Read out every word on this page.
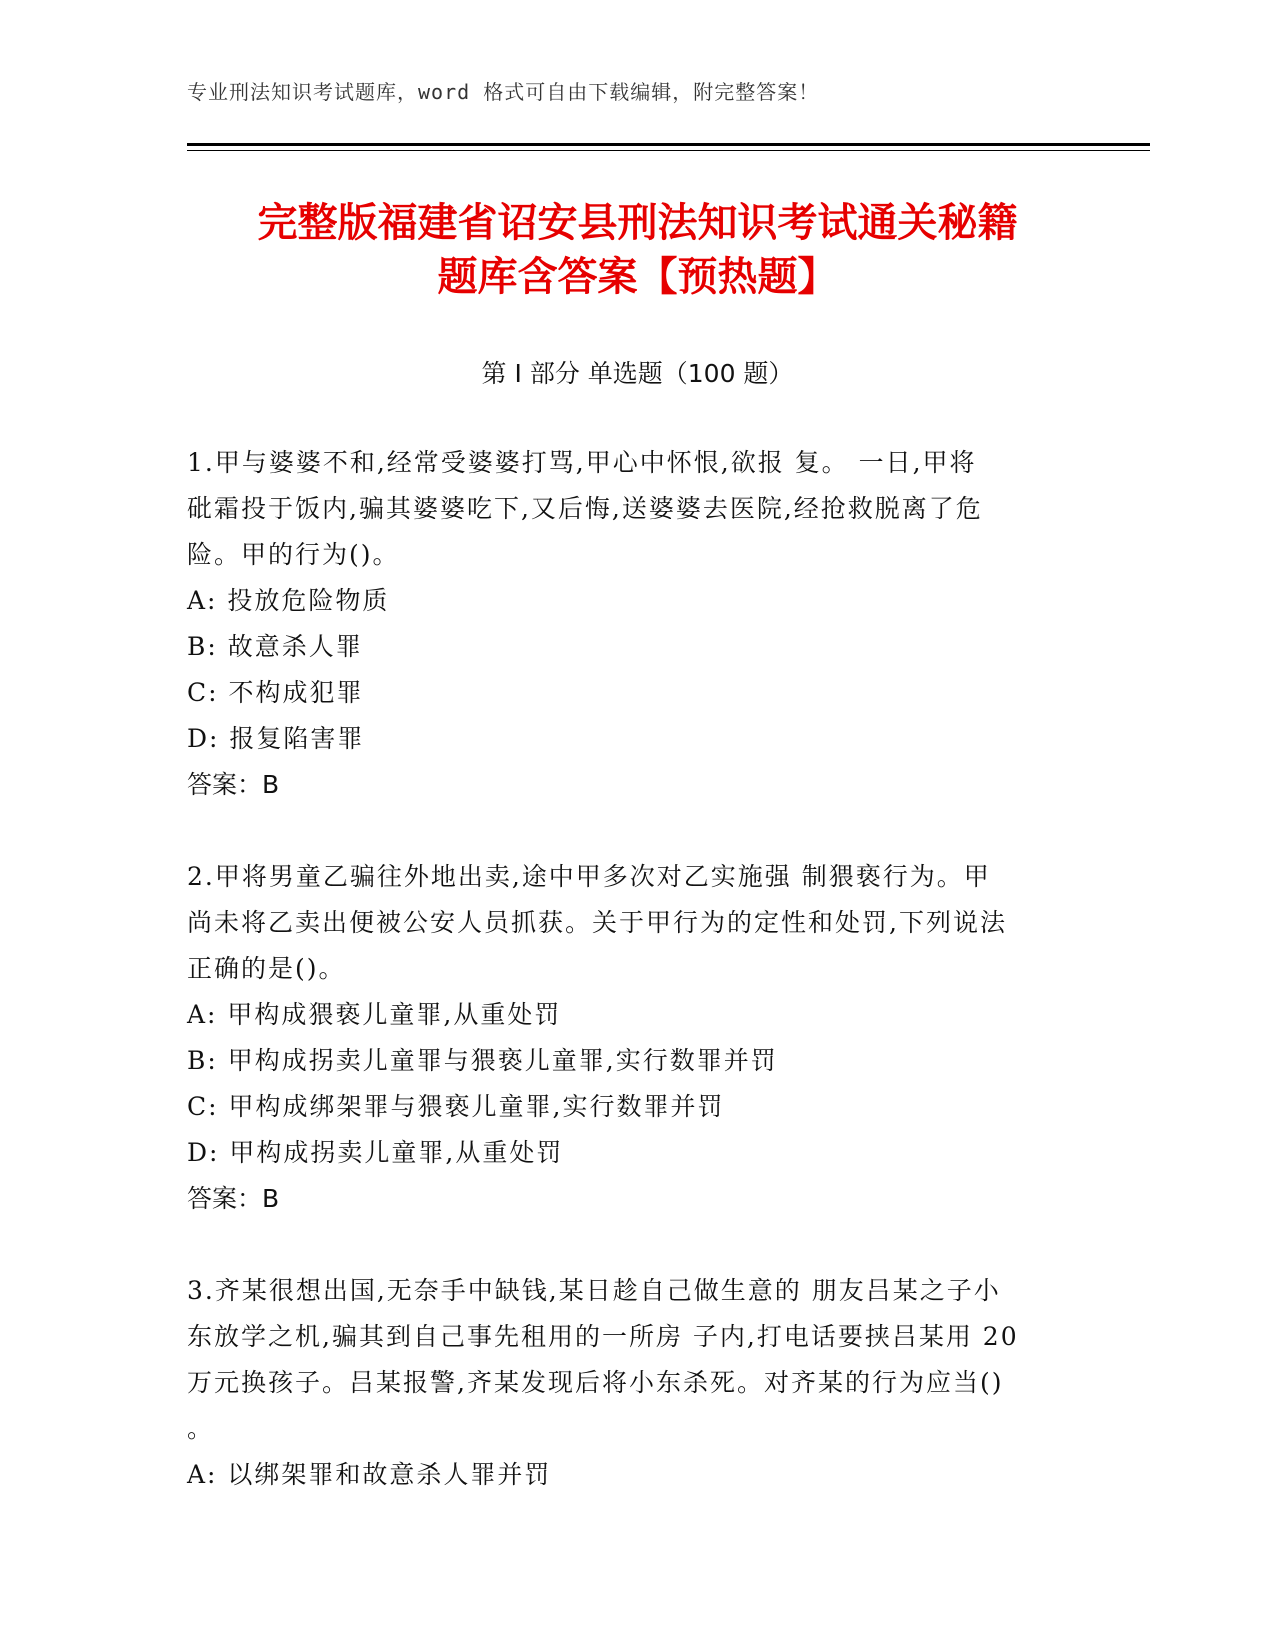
专业刑法知识考试题库，word 格式可自由下载编辑，附完整答案！
完整版福建省诏安县刑法知识考试通关秘籍
题库含答案【预热题】
第 I 部分 单选题（100 题）
1.甲与婆婆不和,经常受婆婆打骂,甲心中怀恨,欲报 复。 一日,甲将
砒霜投于饭内,骗其婆婆吃下,又后悔,送婆婆去医院,经抢救脱离了危
险。甲的行为()。
A: 投放危险物质
B: 故意杀人罪
C: 不构成犯罪
D: 报复陷害罪
答案：B
2.甲将男童乙骗往外地出卖,途中甲多次对乙实施强 制猥亵行为。甲
尚未将乙卖出便被公安人员抓获。关于甲行为的定性和处罚,下列说法
正确的是()。
A: 甲构成猥亵儿童罪,从重处罚
B: 甲构成拐卖儿童罪与猥亵儿童罪,实行数罪并罚
C: 甲构成绑架罪与猥亵儿童罪,实行数罪并罚
D: 甲构成拐卖儿童罪,从重处罚
答案：B
3.齐某很想出国,无奈手中缺钱,某日趁自己做生意的 朋友吕某之子小
东放学之机,骗其到自己事先租用的一所房 子内,打电话要挟吕某用 20
万元换孩子。吕某报警,齐某发现后将小东杀死。对齐某的行为应当()
。
A: 以绑架罪和故意杀人罪并罚
